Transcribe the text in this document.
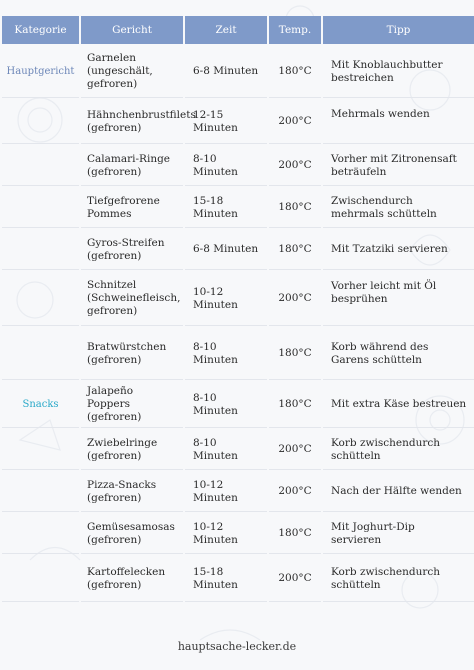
Kategorie	Gericht	Zeit	Temp.	Tipp
Hauptgericht	Garnelen (ungeschält, gefroren)	6-8 Minuten	180°C	Mit Knoblauchbutter bestreichen
	Hähnchenbrustfilets (gefroren)	12-15 Minuten	200°C	Mehrmals wenden
	Calamari-Ringe (gefroren)	8-10 Minuten	200°C	Vorher mit Zitronensaft beträufeln
	Tiefgefrorene Pommes	15-18 Minuten	180°C	Zwischendurch mehrmals schütteln
	Gyros-Streifen (gefroren)	6-8 Minuten	180°C	Mit Tzatziki servieren
	Schnitzel (Schweinefleisch, gefroren)	10-12 Minuten	200°C	Vorher leicht mit Öl besprühen
	Bratwürstchen (gefroren)	8-10 Minuten	180°C	Korb während des Garens schütteln
Snacks	Jalapeño Poppers (gefroren)	8-10 Minuten	180°C	Mit extra Käse bestreuen
	Zwiebelringe (gefroren)	8-10 Minuten	200°C	Korb zwischendurch schütteln
	Pizza-Snacks (gefroren)	10-12 Minuten	200°C	Nach der Hälfte wenden
	Gemüsesamosas (gefroren)	10-12 Minuten	180°C	Mit Joghurt-Dip servieren
	Kartoffelecken (gefroren)	15-18 Minuten	200°C	Korb zwischendurch schütteln
hauptsache-lecker.de
